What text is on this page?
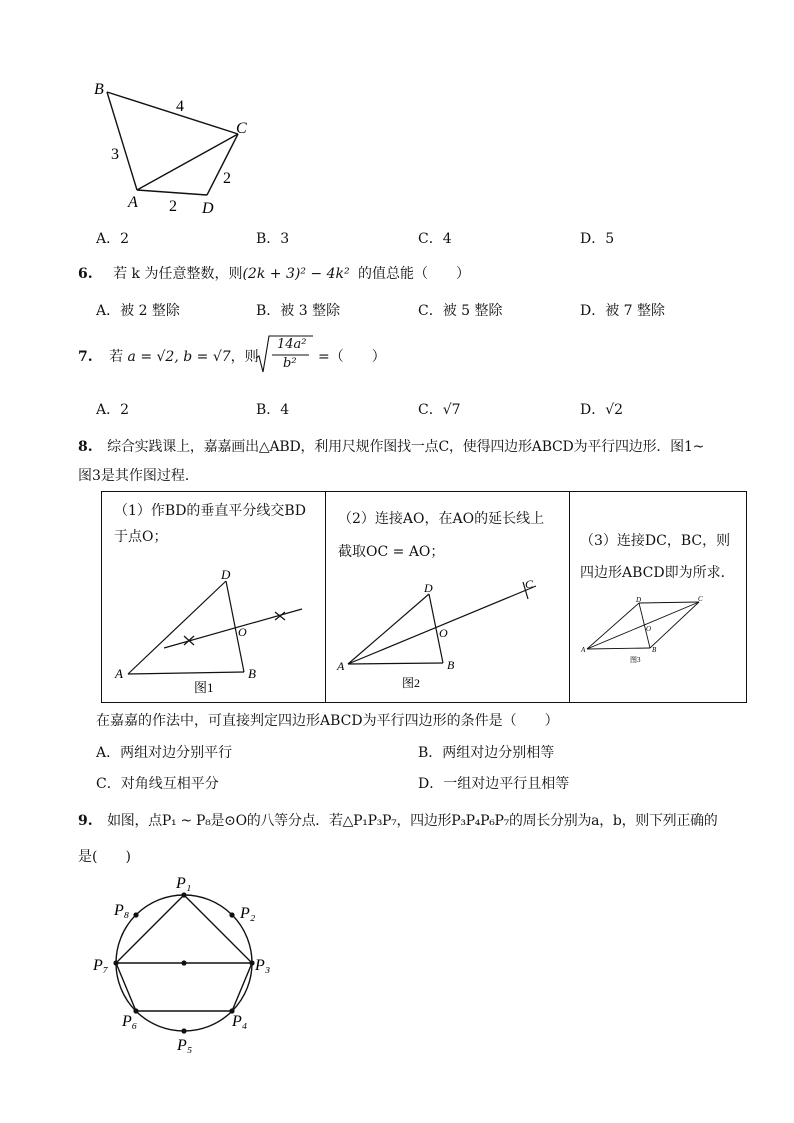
B
C
A	D
4
3
2
2
A．2	B．3	C．4	D．5
6. 若 k 为任意整数，则(2k + 3)² − 4k² 的值总能（　　）
A．被 2 整除	B．被 3 整除	C．被 5 整除	D．被 7 整除
7. 若 a = √2, b = √7，则
14a²
b² =（　　）
A．2	B．4	C．√7	D．√2
8. 综合实践课上，嘉嘉画出△ABD，利用尺规作图找一点C，使得四边形ABCD为平行四边形．图1~
图3是其作图过程．
（1）作BD的垂直平分线交BD
于点O；
（2）连接AO，在AO的延长线上
截取OC = AO；
（3）连接DC，BC，则
四边形ABCD即为所求．
D
O
A	B
图1
D
O
C
A	B
图2
D	C
O
A	B
图3
在嘉嘉的作法中，可直接判定四边形ABCD为平行四边形的条件是（　　）
A．两组对边分别平行	B．两组对边分别相等
C．对角线互相平分	D．一组对边平行且相等
9. 如图，点P₁ ~ P₈是⊙O的八等分点．若△P₁P₃P₇，四边形P₃P₄P₆P₇的周长分别为a，b，则下列正确的
是(　　)
P₁
P₂
P₃
P₄
P₅
P₆
P₇
P₈
